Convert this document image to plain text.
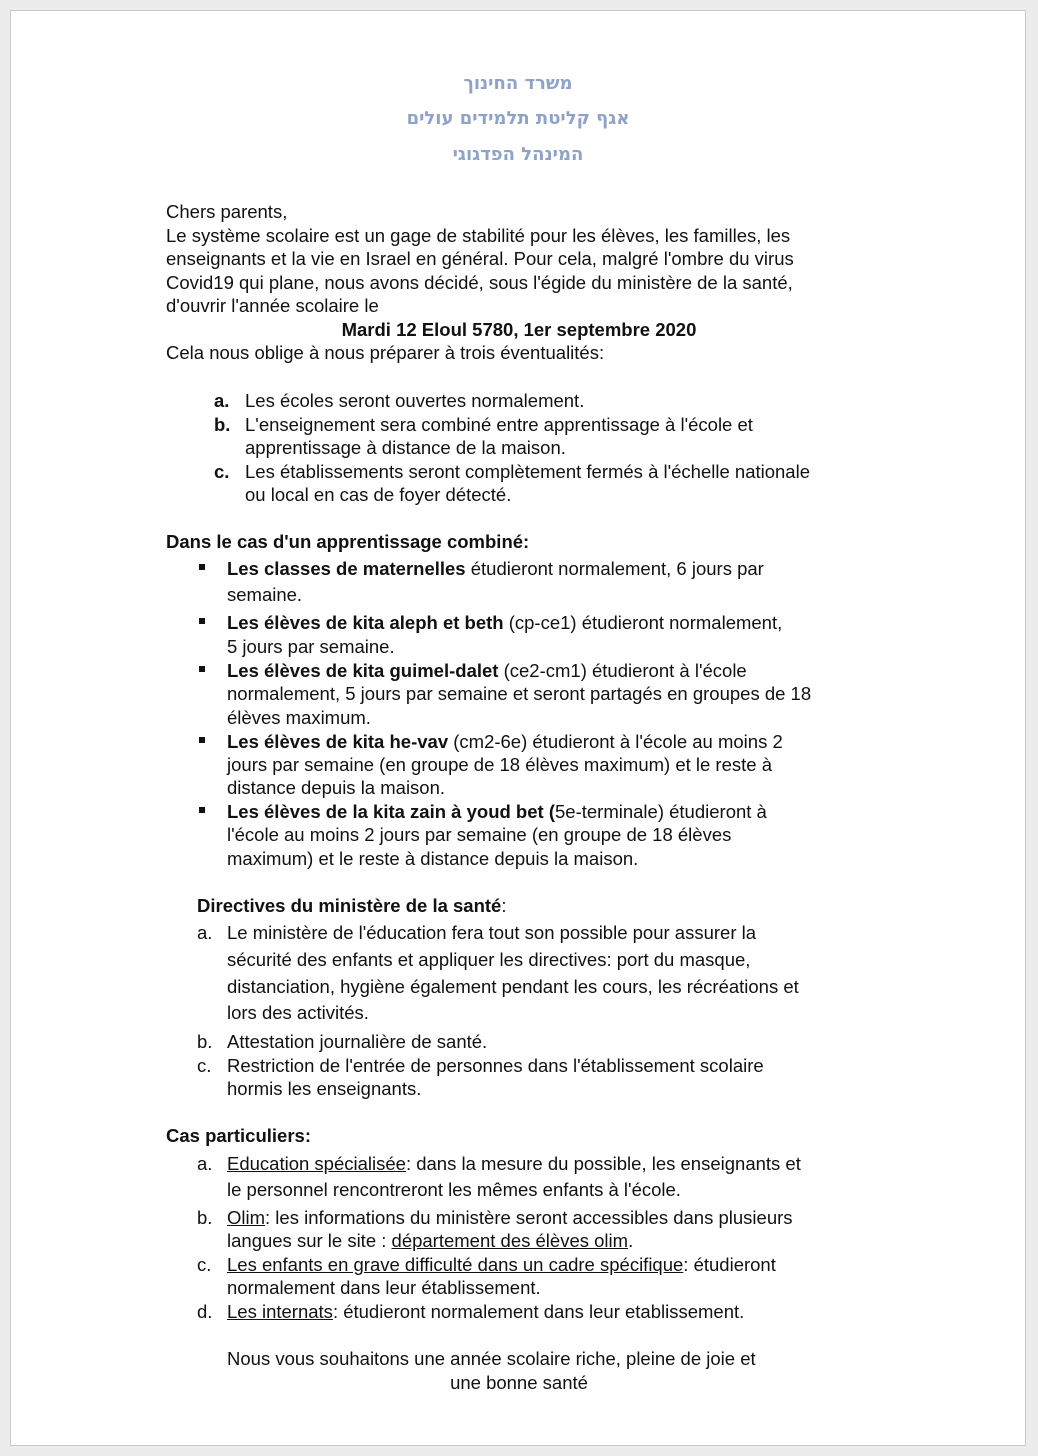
משרד החינוך
אגף קליטת תלמידים עולים
המינהל הפדגוגי
Chers parents,
Le système scolaire est un gage de stabilité pour les élèves, les familles, les
enseignants et la vie en Israel en général. Pour cela, malgré l'ombre du virus
Covid19 qui plane, nous avons décidé, sous l'égide du ministère de la santé,
d'ouvrir l'année scolaire le
Mardi 12 Eloul 5780, 1er septembre 2020
Cela nous oblige à nous préparer à trois éventualités:
a. Les écoles seront ouvertes normalement.
b. L'enseignement sera combiné entre apprentissage à l'école et
apprentissage à distance de la maison.
c. Les établissements seront complètement fermés à l'échelle nationale
ou local en cas de foyer détecté.
Dans le cas d'un apprentissage combiné:
Les classes de maternelles étudieront normalement, 6 jours par
semaine.
Les élèves de kita aleph et beth (cp-ce1) étudieront normalement,
5 jours par semaine.
Les élèves de kita guimel-dalet (ce2-cm1) étudieront à l'école
normalement, 5 jours par semaine et seront partagés en groupes de 18
élèves maximum.
Les élèves de kita he-vav (cm2-6e) étudieront à l'école au moins 2
jours par semaine (en groupe de 18 élèves maximum) et le reste à
distance depuis la maison.
Les élèves de la kita zain à youd bet (5e-terminale) étudieront à
l'école au moins 2 jours par semaine (en groupe de 18 élèves
maximum) et le reste à distance depuis la maison.
Directives du ministère de la santé:
a. Le ministère de l'éducation fera tout son possible pour assurer la
sécurité des enfants et appliquer les directives: port du masque,
distanciation, hygiène également pendant les cours, les récréations et
lors des activités.
b. Attestation journalière de santé.
c. Restriction de l'entrée de personnes dans l'établissement scolaire
hormis les enseignants.
Cas particuliers:
a. Education spécialisée: dans la mesure du possible, les enseignants et
le personnel rencontreront les mêmes enfants à l'école.
b. Olim: les informations du ministère seront accessibles dans plusieurs
langues sur le site : département des élèves olim.
c. Les enfants en grave difficulté dans un cadre spécifique: étudieront
normalement dans leur établissement.
d. Les internats: étudieront normalement dans leur etablissement.
Nous vous souhaitons une année scolaire riche, pleine de joie et
une bonne santé
